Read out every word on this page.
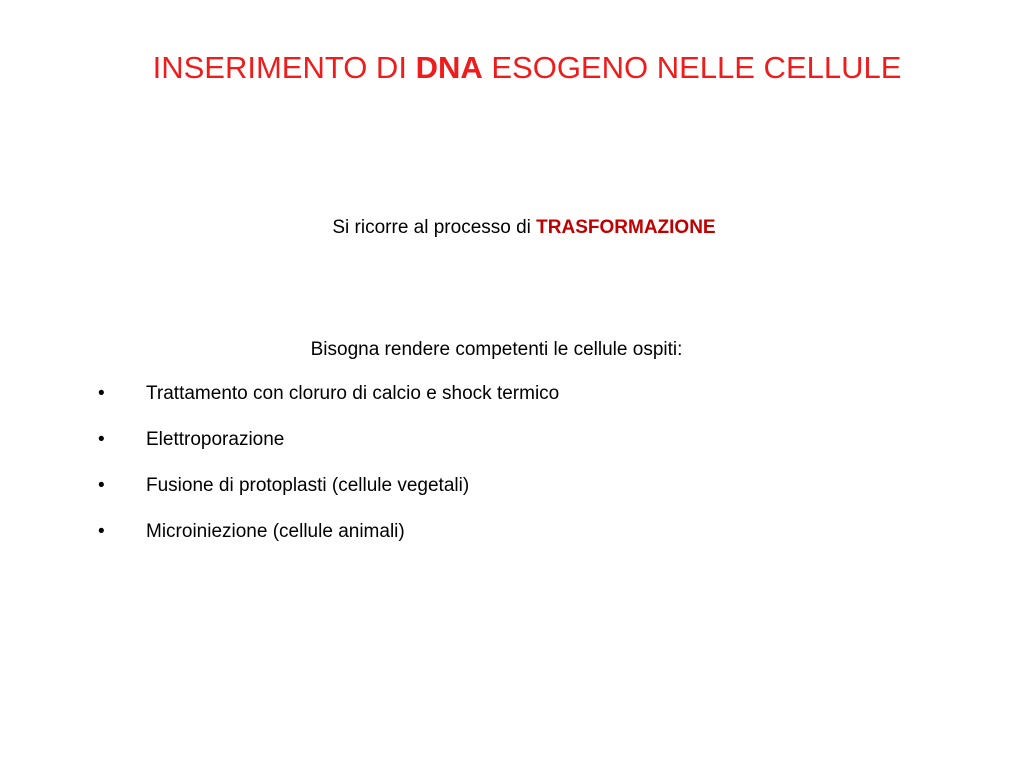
INSERIMENTO DI DNA ESOGENO NELLE CELLULE
Si ricorre al processo di TRASFORMAZIONE
Bisogna rendere competenti le cellule ospiti:
• Trattamento con cloruro di calcio e shock termico
• Elettroporazione
• Fusione di protoplasti (cellule vegetali)
• Microiniezione (cellule animali)
